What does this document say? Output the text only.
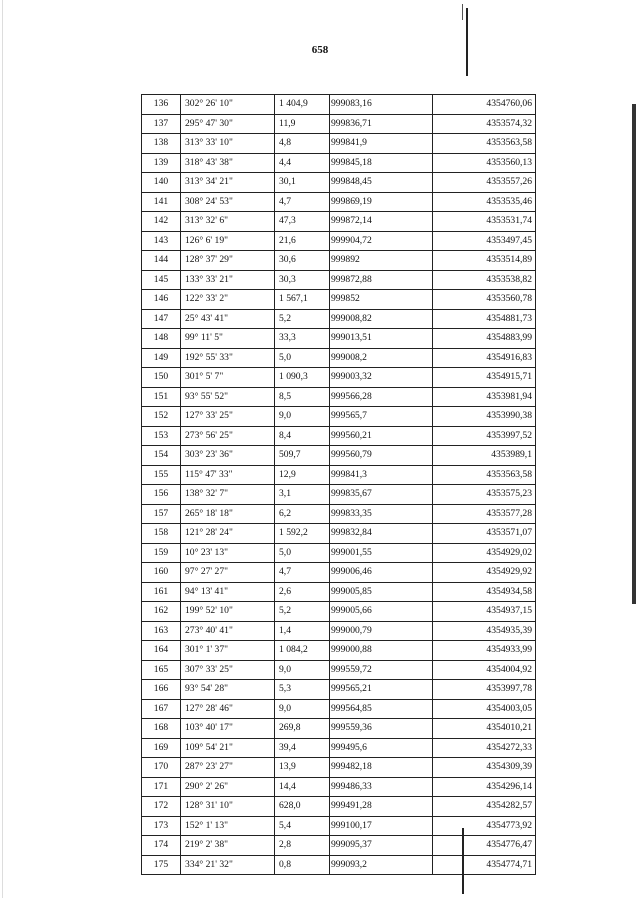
658
136	302° 26' 10"	1 404,9	999083,16	4354760,06
137	295° 47' 30"	11,9	999836,71	4353574,32
138	313° 33' 10"	4,8	999841,9	4353563,58
139	318° 43' 38"	4,4	999845,18	4353560,13
140	313° 34' 21"	30,1	999848,45	4353557,26
141	308° 24' 53"	4,7	999869,19	4353535,46
142	313° 32' 6"	47,3	999872,14	4353531,74
143	126° 6' 19"	21,6	999904,72	4353497,45
144	128° 37' 29"	30,6	999892	4353514,89
145	133° 33' 21"	30,3	999872,88	4353538,82
146	122° 33' 2"	1 567,1	999852	4353560,78
147	25° 43' 41"	5,2	999008,82	4354881,73
148	99° 11' 5"	33,3	999013,51	4354883,99
149	192° 55' 33"	5,0	999008,2	4354916,83
150	301° 5' 7"	1 090,3	999003,32	4354915,71
151	93° 55' 52"	8,5	999566,28	4353981,94
152	127° 33' 25"	9,0	999565,7	4353990,38
153	273° 56' 25"	8,4	999560,21	4353997,52
154	303° 23' 36"	509,7	999560,79	4353989,1
155	115° 47' 33"	12,9	999841,3	4353563,58
156	138° 32' 7"	3,1	999835,67	4353575,23
157	265° 18' 18"	6,2	999833,35	4353577,28
158	121° 28' 24"	1 592,2	999832,84	4353571,07
159	10° 23' 13"	5,0	999001,55	4354929,02
160	97° 27' 27"	4,7	999006,46	4354929,92
161	94° 13' 41"	2,6	999005,85	4354934,58
162	199° 52' 10"	5,2	999005,66	4354937,15
163	273° 40' 41"	1,4	999000,79	4354935,39
164	301° 1' 37"	1 084,2	999000,88	4354933,99
165	307° 33' 25"	9,0	999559,72	4354004,92
166	93° 54' 28"	5,3	999565,21	4353997,78
167	127° 28' 46"	9,0	999564,85	4354003,05
168	103° 40' 17"	269,8	999559,36	4354010,21
169	109° 54' 21"	39,4	999495,6	4354272,33
170	287° 23' 27"	13,9	999482,18	4354309,39
171	290° 2' 26"	14,4	999486,33	4354296,14
172	128° 31' 10"	628,0	999491,28	4354282,57
173	152° 1' 13"	5,4	999100,17	4354773,92
174	219° 2' 38"	2,8	999095,37	4354776,47
175	334° 21' 32"	0,8	999093,2	4354774,71
